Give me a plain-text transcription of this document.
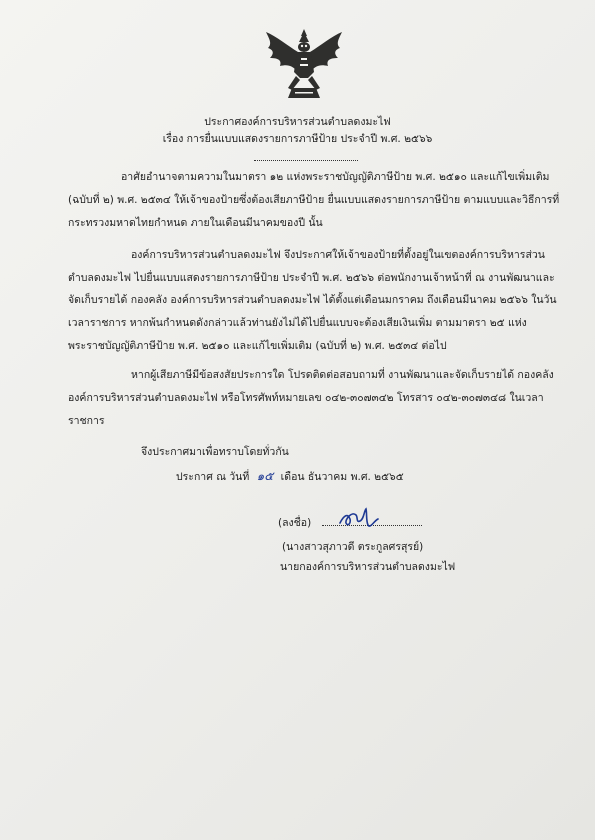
ประกาศองค์การบริหารส่วนตำบลดงมะไฟ

เรื่อง การยื่นแบบแสดงรายการภาษีป้าย ประจำปี พ.ศ. ๒๕๖๖

อาศัยอำนาจตามความในมาตรา ๑๒ แห่งพระราชบัญญัติภาษีป้าย พ.ศ. ๒๕๑๐ และแก้ไขเพิ่มเติม

(ฉบับที่ ๒) พ.ศ. ๒๕๓๔ ให้เจ้าของป้ายซึ่งต้องเสียภาษีป้าย ยื่นแบบแสดงรายการภาษีป้าย ตามแบบและวิธีการที่

กระทรวงมหาดไทยกำหนด ภายในเดือนมีนาคมของปี นั้น

องค์การบริหารส่วนตำบลดงมะไฟ จึงประกาศให้เจ้าของป้ายที่ตั้งอยู่ในเขตองค์การบริหารส่วน

ตำบลดงมะไฟ ไปยื่นแบบแสดงรายการภาษีป้าย ประจำปี พ.ศ. ๒๕๖๖ ต่อพนักงานเจ้าหน้าที่ ณ งานพัฒนาและ

จัดเก็บรายได้ กองคลัง องค์การบริหารส่วนตำบลดงมะไฟ ได้ตั้งแต่เดือนมกราคม ถึงเดือนมีนาคม ๒๕๖๖ ในวัน

เวลาราชการ หากพ้นกำหนดดังกล่าวแล้วท่านยังไม่ได้ไปยื่นแบบจะต้องเสียเงินเพิ่ม ตามมาตรา ๒๕ แห่ง

พระราชบัญญัติภาษีป้าย พ.ศ. ๒๕๑๐ และแก้ไขเพิ่มเติม (ฉบับที่ ๒) พ.ศ. ๒๕๓๔ ต่อไป

หากผู้เสียภาษีมีข้อสงสัยประการใด โปรดติดต่อสอบถามที่ งานพัฒนาและจัดเก็บรายได้ กองคลัง

องค์การบริหารส่วนตำบลดงมะไฟ หรือโทรศัพท์หมายเลข ๐๔๒-๓๐๗๓๔๒ โทรสาร ๐๔๒-๓๐๗๓๔๘ ในเวลา

ราชการ

จึงประกาศมาเพื่อทราบโดยทั่วกัน

ประกาศ ณ วันที่ ๑๕ เดือน ธันวาคม พ.ศ. ๒๕๖๕

(ลงชื่อ)

(นางสาวสุภาวดี ตระกูลศรสุรย์)

นายกองค์การบริหารส่วนตำบลดงมะไฟ
